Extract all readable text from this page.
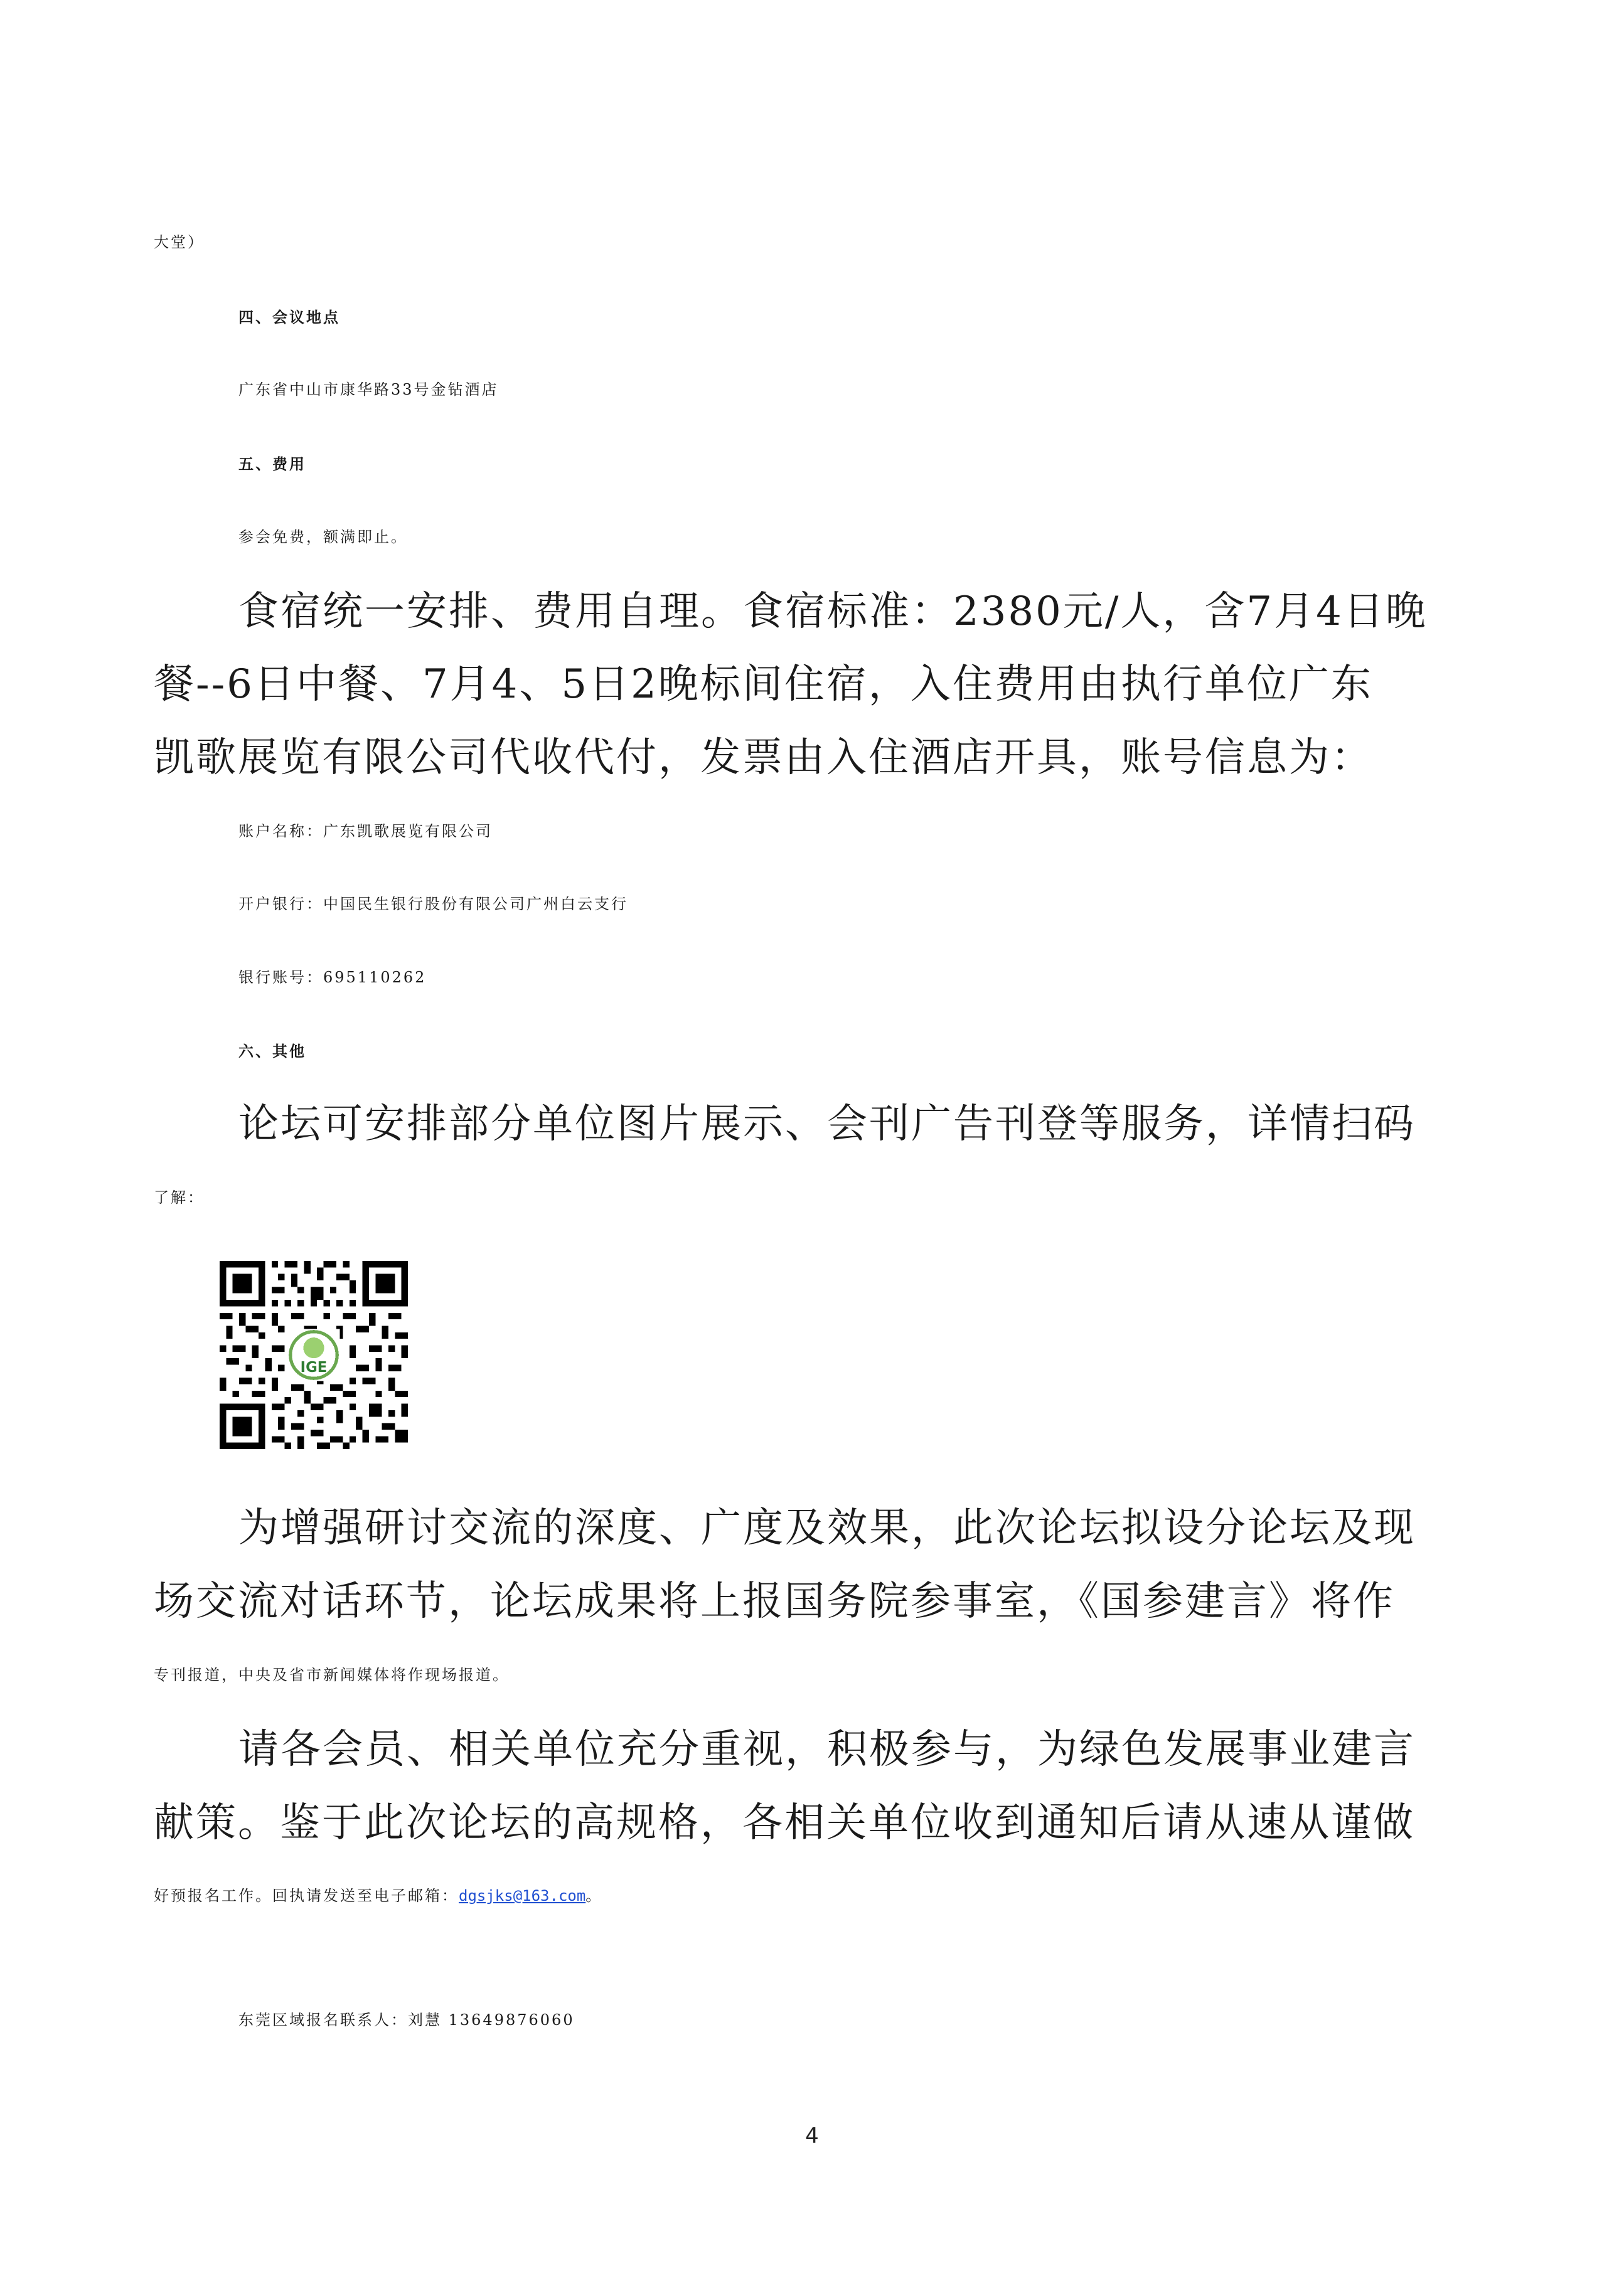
大堂）
四、会议地点
广东省中山市康华路33号金钻酒店
五、费用
参会免费，额满即止。
食宿统一安排、费用自理。食宿标准：2380元/人，含7月4日晚
餐--6日中餐、7月4、5日2晚标间住宿，入住费用由执行单位广东
凯歌展览有限公司代收代付，发票由入住酒店开具，账号信息为：
账户名称：广东凯歌展览有限公司
开户银行：中国民生银行股份有限公司广州白云支行
银行账号：695110262
六、其他
论坛可安排部分单位图片展示、会刊广告刊登等服务，详情扫码
了解：
IGE
为增强研讨交流的深度、广度及效果，此次论坛拟设分论坛及现
场交流对话环节，论坛成果将上报国务院参事室，《国参建言》将作
专刊报道，中央及省市新闻媒体将作现场报道。
请各会员、相关单位充分重视，积极参与，为绿色发展事业建言
献策。鉴于此次论坛的高规格，各相关单位收到通知后请从速从谨做
好预报名工作。回执请发送至电子邮箱：dgsjks@163.com。
东莞区域报名联系人：刘慧 13649876060
4
